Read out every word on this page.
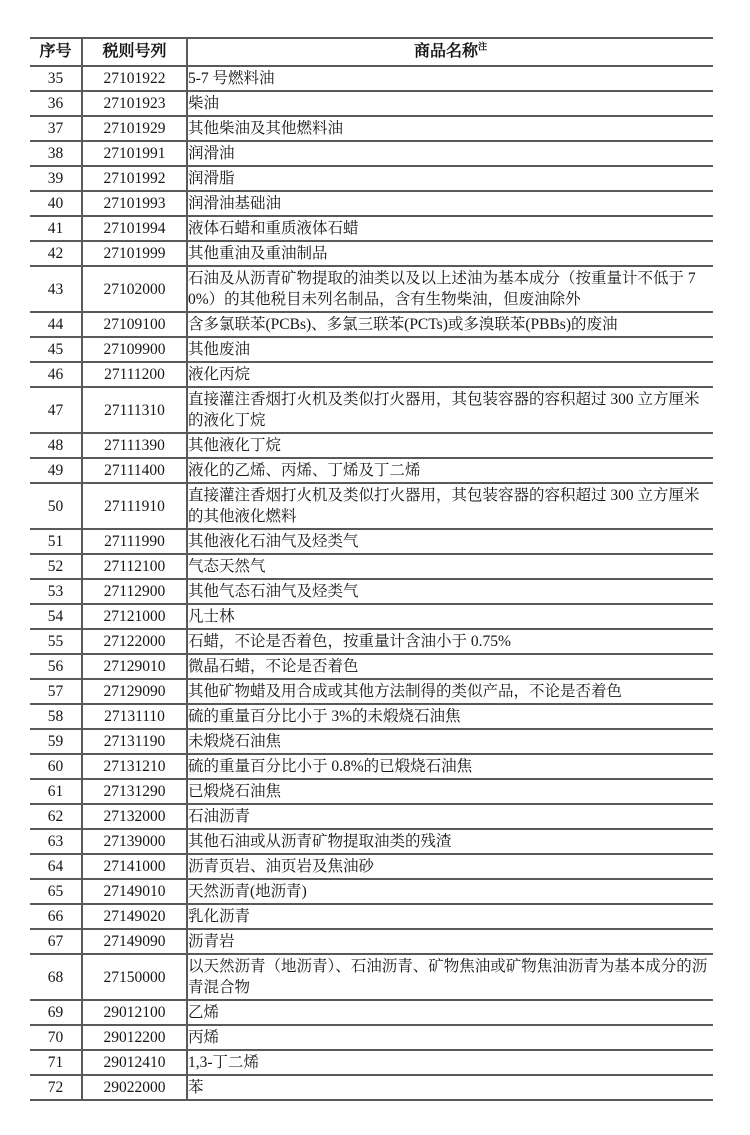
序号	税则号列	商品名称$^注$
35	27101922	5-7 号燃料油
36	27101923	柴油
37	27101929	其他柴油及其他燃料油
38	27101991	润滑油
39	27101992	润滑脂
40	27101993	润滑油基础油
41	27101994	液体石蜡和重质液体石蜡
42	27101999	其他重油及重油制品
43	27102000	石油及从沥青矿物提取的油类以及以上述油为基本成分（按重量计不低于 70%）的其他税目未列名制品，含有生物柴油，但废油除外
44	27109100	含多氯联苯(PCBs)、多氯三联苯(PCTs)或多溴联苯(PBBs)的废油
45	27109900	其他废油
46	27111200	液化丙烷
47	27111310	直接灌注香烟打火机及类似打火器用，其包装容器的容积超过 300 立方厘米的液化丁烷
48	27111390	其他液化丁烷
49	27111400	液化的乙烯、丙烯、丁烯及丁二烯
50	27111910	直接灌注香烟打火机及类似打火器用，其包装容器的容积超过 300 立方厘米的其他液化燃料
51	27111990	其他液化石油气及烃类气
52	27112100	气态天然气
53	27112900	其他气态石油气及烃类气
54	27121000	凡士林
55	27122000	石蜡，不论是否着色，按重量计含油小于 0.75%
56	27129010	微晶石蜡，不论是否着色
57	27129090	其他矿物蜡及用合成或其他方法制得的类似产品，不论是否着色
58	27131110	硫的重量百分比小于 3%的未煅烧石油焦
59	27131190	未煅烧石油焦
60	27131210	硫的重量百分比小于 0.8%的已煅烧石油焦
61	27131290	已煅烧石油焦
62	27132000	石油沥青
63	27139000	其他石油或从沥青矿物提取油类的残渣
64	27141000	沥青页岩、油页岩及焦油砂
65	27149010	天然沥青(地沥青)
66	27149020	乳化沥青
67	27149090	沥青岩
68	27150000	以天然沥青（地沥青）、石油沥青、矿物焦油或矿物焦油沥青为基本成分的沥青混合物
69	29012100	乙烯
70	29012200	丙烯
71	29012410	1,3-丁二烯
72	29022000	苯
